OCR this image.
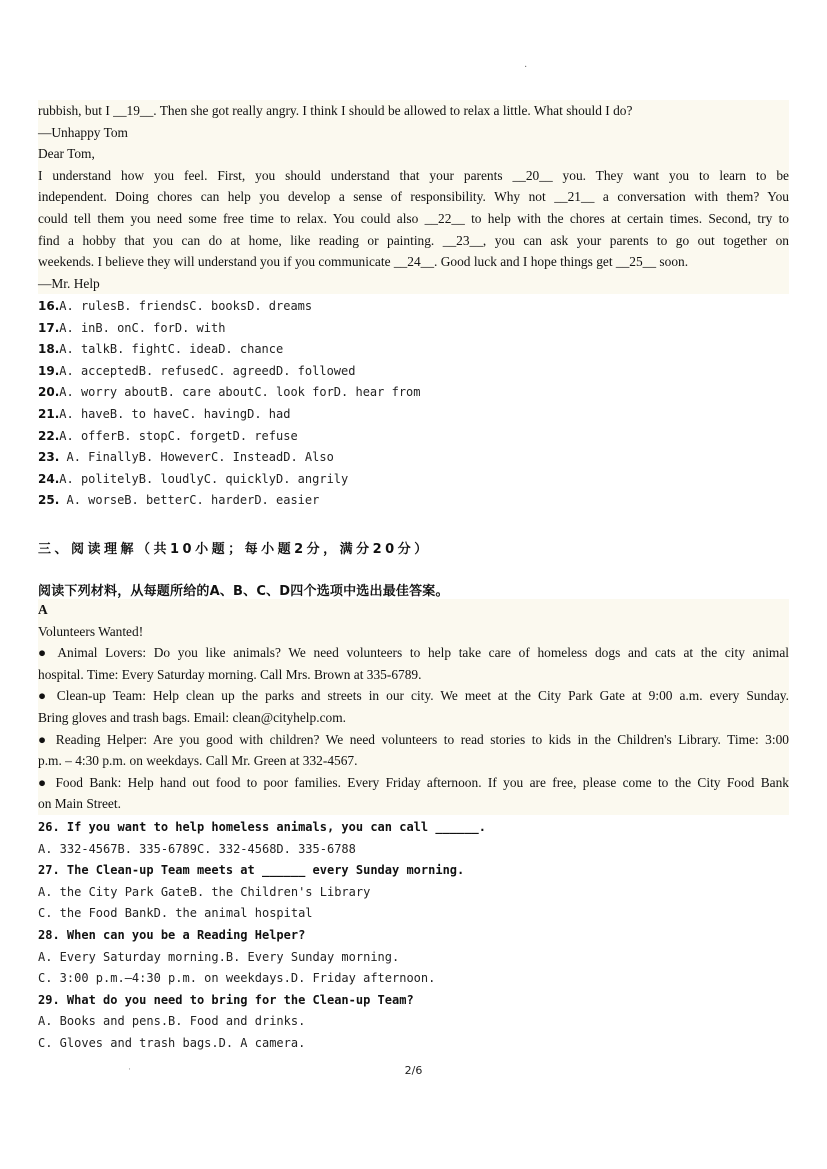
·
rubbish, but I __19__. Then she got really angry. I think I should be allowed to relax a little. What should I do?
—Unhappy Tom
Dear Tom,
I understand how you feel. First, you should understand that your parents __20__ you. They want you to learn to be
independent. Doing chores can help you develop a sense of responsibility. Why not __21__ a conversation with them? You
could tell them you need some free time to relax. You could also __22__ to help with the chores at certain times. Second, try to
find a hobby that you can do at home, like reading or painting. __23__, you can ask your parents to go out together on
weekends. I believe they will understand you if you communicate __24__. Good luck and I hope things get __25__ soon.
—Mr. Help
16.A. rulesB. friendsC. booksD. dreams
17.A. inB. onC. forD. with
18.A. talkB. fightC. ideaD. chance
19.A. acceptedB. refusedC. agreedD. followed
20.A. worry aboutB. care aboutC. look forD. hear from
21.A. haveB. to haveC. havingD. had
22.A. offerB. stopC. forgetD. refuse
23. A. FinallyB. HoweverC. InsteadD. Also
24.A. politelyB. loudlyC. quicklyD. angrily
25. A. worseB. betterC. harderD. easier
三、阅读理解（共10小题；每小题2分，满分20分）
阅读下列材料，从每题所给的A、B、C、D四个选项中选出最佳答案。
A
Volunteers Wanted!
● Animal Lovers: Do you like animals? We need volunteers to help take care of homeless dogs and cats at the city animal
hospital. Time: Every Saturday morning. Call Mrs. Brown at 335-6789.
● Clean-up Team: Help clean up the parks and streets in our city. We meet at the City Park Gate at 9:00 a.m. every Sunday.
Bring gloves and trash bags. Email: clean@cityhelp.com.
● Reading Helper: Are you good with children? We need volunteers to read stories to kids in the Children's Library. Time: 3:00
p.m. – 4:30 p.m. on weekdays. Call Mr. Green at 332-4567.
● Food Bank: Help hand out food to poor families. Every Friday afternoon. If you are free, please come to the City Food Bank
on Main Street.
26. If you want to help homeless animals, you can call ______.
A. 332-4567B. 335-6789C. 332-4568D. 335-6788
27. The Clean-up Team meets at ______ every Sunday morning.
A. the City Park GateB. the Children's Library
C. the Food BankD. the animal hospital
28. When can you be a Reading Helper?
A. Every Saturday morning.B. Every Sunday morning.
C. 3:00 p.m.–4:30 p.m. on weekdays.D. Friday afternoon.
29. What do you need to bring for the Clean-up Team?
A. Books and pens.B. Food and drinks.
C. Gloves and trash bags.D. A camera.
·	2/6
